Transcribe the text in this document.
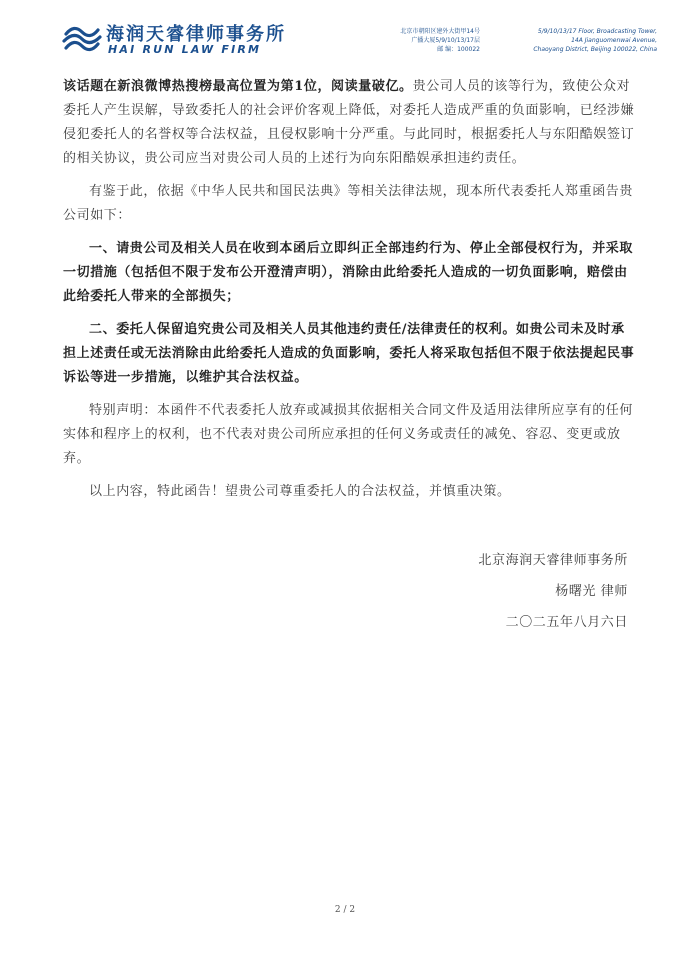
海润天睿律师事务所
HAI RUN LAW FIRM
北京市朝阳区建外大街甲14号
广播大厦5/9/10/13/17层
邮 编：100022
5/9/10/13/17 Floor, Broadcasting Tower,
14A Jianguomenwai Avenue,
Chaoyang District, Beijing 100022, China

该话题在新浪微博热搜榜最高位置为第1位，阅读量破亿。贵公司人员的该等行为，致使公众对委托人产生误解，导致委托人的社会评价客观上降低，对委托人造成严重的负面影响，已经涉嫌侵犯委托人的名誉权等合法权益，且侵权影响十分严重。与此同时，根据委托人与东阳酷娱签订的相关协议，贵公司应当对贵公司人员的上述行为向东阳酷娱承担违约责任。

有鉴于此，依据《中华人民共和国民法典》等相关法律法规，现本所代表委托人郑重函告贵公司如下：

一、请贵公司及相关人员在收到本函后立即纠正全部违约行为、停止全部侵权行为，并采取一切措施（包括但不限于发布公开澄清声明），消除由此给委托人造成的一切负面影响，赔偿由此给委托人带来的全部损失；

二、委托人保留追究贵公司及相关人员其他违约责任/法律责任的权利。如贵公司未及时承担上述责任或无法消除由此给委托人造成的负面影响，委托人将采取包括但不限于依法提起民事诉讼等进一步措施，以维护其合法权益。

特别声明：本函件不代表委托人放弃或减损其依据相关合同文件及适用法律所应享有的任何实体和程序上的权利，也不代表对贵公司所应承担的任何义务或责任的减免、容忍、变更或放弃。

以上内容，特此函告！望贵公司尊重委托人的合法权益，并慎重决策。

北京海润天睿律师事务所
杨曙光 律师
二〇二五年八月六日
2 / 2
